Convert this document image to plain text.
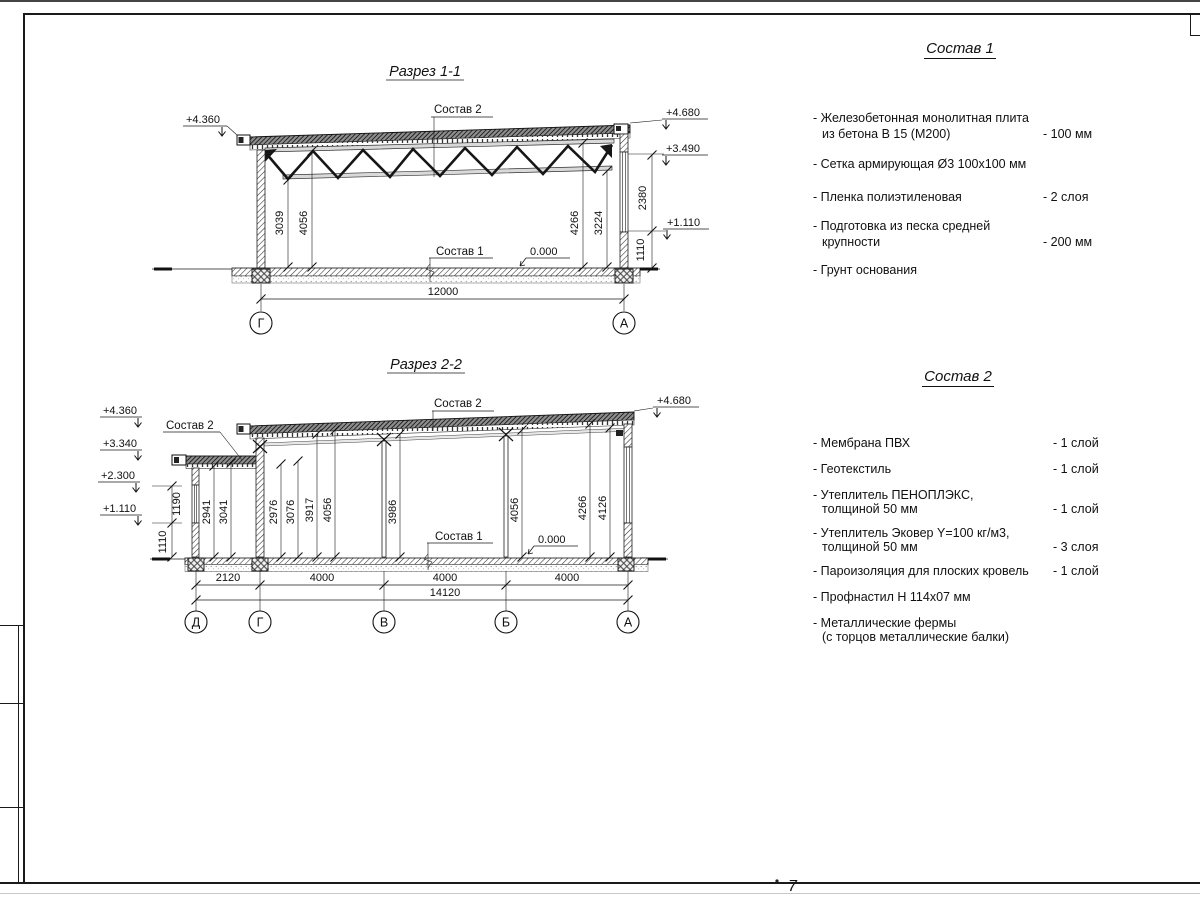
Разрез 1-1
3039 4056	4266 3224
2380
1110
+4.360
+4.680
+3.490
+1.110
Состав 2
Состав 1	0.000
12000
Г	А
Разрез 2-2
1110
1190 2941 3041	2976 3076 3917 4056	3986	4056	4266 4126
+4.360
+3.340
+2.300
+1.110
+4.680
Состав 2
Состав 2
Состав 1	0.000
2120	4000	4000	4000
14120
Д	Г	В	Б	А
7
Состав 1
- Железобетонная монолитная плита
из бетона В 15 (М200)	- 100 мм
- Сетка армирующая Ø3 100х100 мм
- Пленка полиэтиленовая	- 2 слоя
- Подготовка из песка средней
крупности	- 200 мм
- Грунт основания
Состав 2
- Мембрана ПВХ	- 1 слой
- Геотекстиль	- 1 слой
- Утеплитель ПЕНОПЛЭКС,
толщиной 50 мм	- 1 слой
- Утеплитель Эковер Y=100 кг/м3,
толщиной 50 мм	- 3 слоя
- Пароизоляция для плоских кровель - 1 слой
- Профнастил Н 114х07 мм
- Металлические фермы
(с торцов металлические балки)
